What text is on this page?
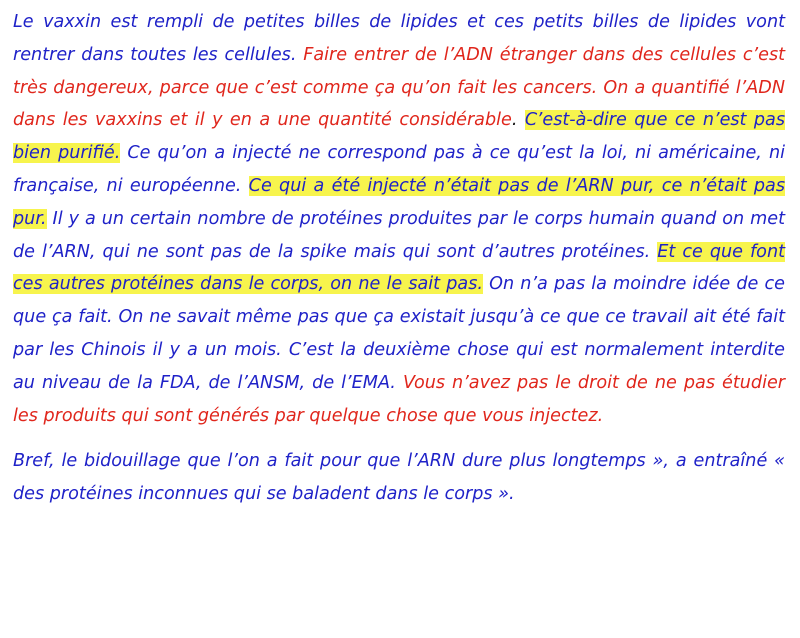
Le vaxxin est rempli de petites billes de lipides et ces petits billes de lipides vont rentrer dans toutes les cellules. Faire entrer de l’ADN étranger dans des cellules c’est très dangereux, parce que c’est comme ça qu’on fait les cancers. On a quantifié l’ADN dans les vaxxins et il y en a une quantité considérable. C’est-à-dire que ce n’est pas bien purifié. Ce qu’on a injecté ne correspond pas à ce qu’est la loi, ni américaine, ni française, ni européenne. Ce qui a été injecté n’était pas de l’ARN pur, ce n’était pas pur. Il y a un certain nombre de protéines produites par le corps humain quand on met de l’ARN, qui ne sont pas de la spike mais qui sont d’autres protéines. Et ce que font ces autres protéines dans le corps, on ne le sait pas. On n’a pas la moindre idée de ce que ça fait. On ne savait même pas que ça existait jusqu’à ce que ce travail ait été fait par les Chinois il y a un mois. C’est la deuxième chose qui est normalement interdite au niveau de la FDA, de l’ANSM, de l’EMA. Vous n’avez pas le droit de ne pas étudier les produits qui sont générés par quelque chose que vous injectez.

Bref, le bidouillage que l’on a fait pour que l’ARN dure plus longtemps », a entraîné « des protéines inconnues qui se baladent dans le corps ».
